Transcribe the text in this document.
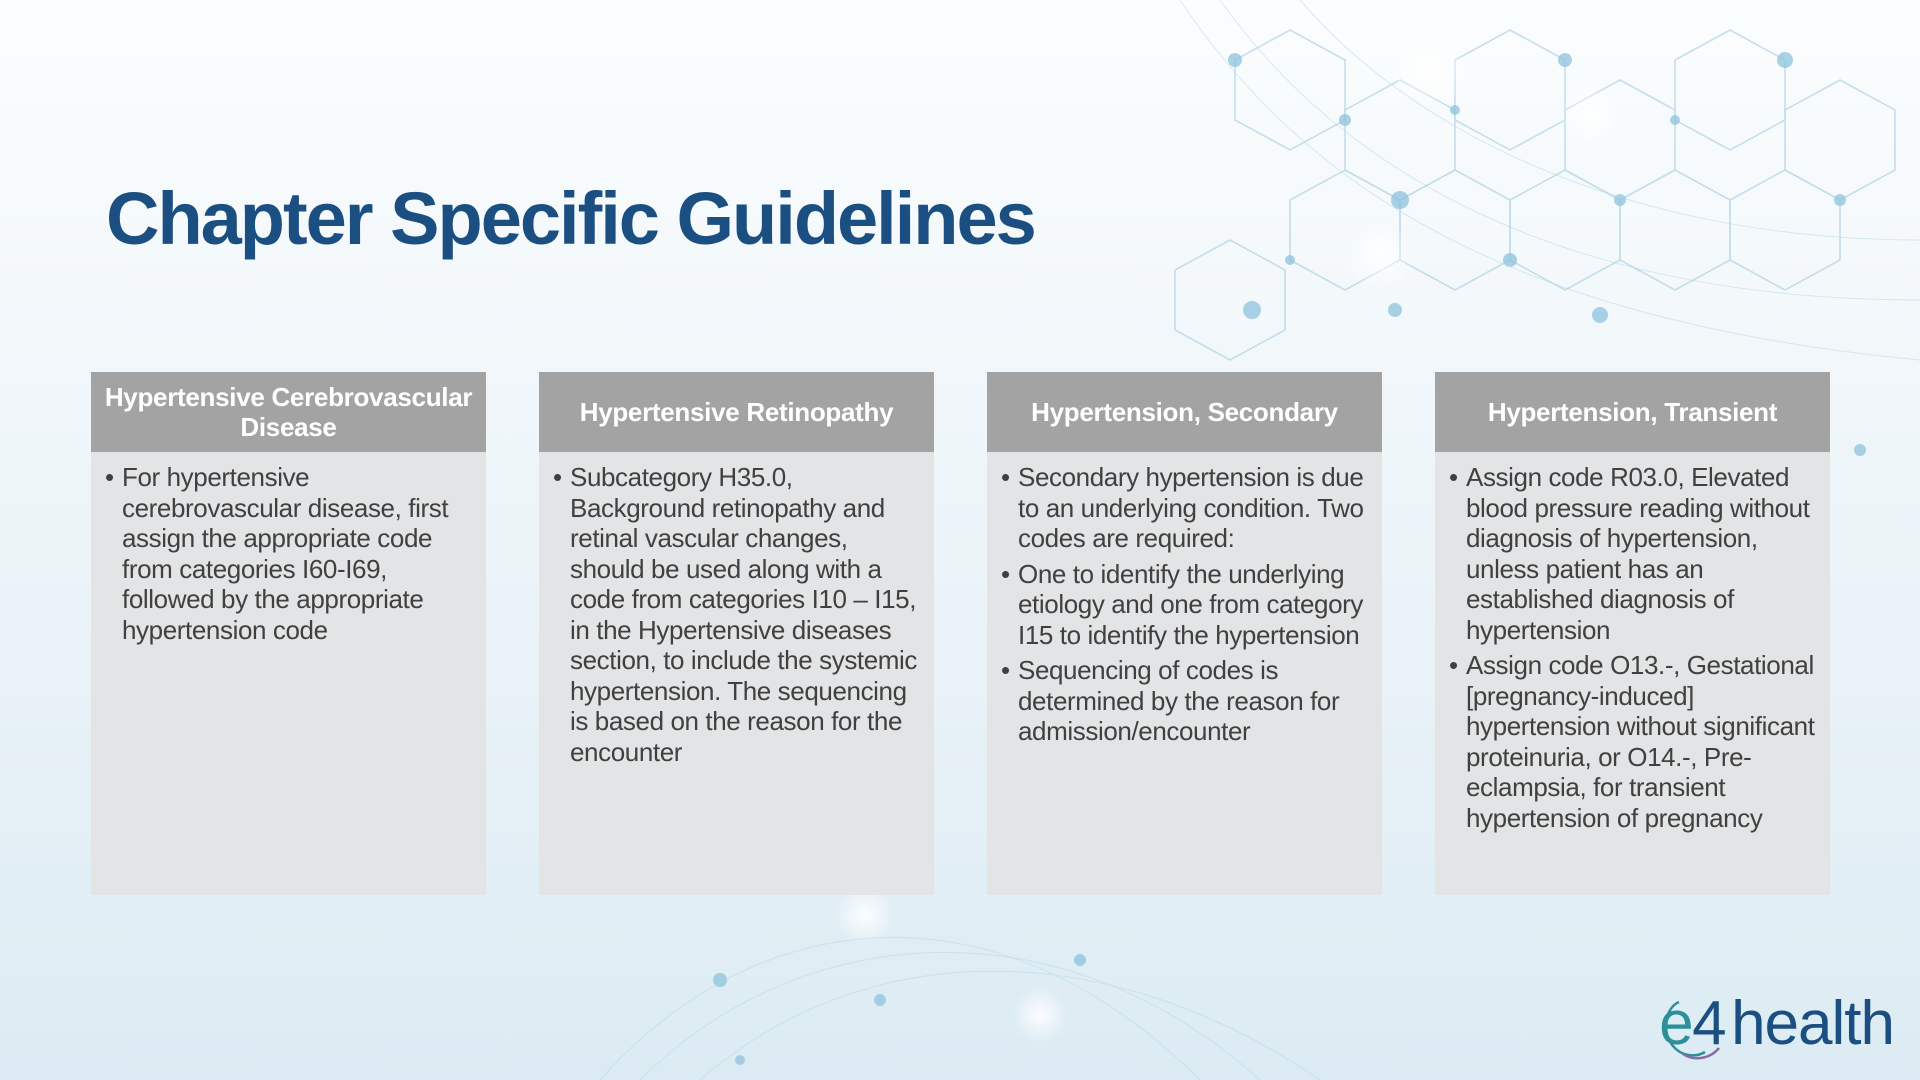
Chapter Specific Guidelines
Hypertensive Cerebrovascular Disease
• For hypertensive cerebrovascular disease, first assign the appropriate code from categories I60-I69, followed by the appropriate hypertension code
Hypertensive Retinopathy
• Subcategory H35.0, Background retinopathy and retinal vascular changes, should be used along with a code from categories I10 – I15, in the Hypertensive diseases section, to include the systemic hypertension. The sequencing is based on the reason for the encounter
Hypertension, Secondary
• Secondary hypertension is due to an underlying condition. Two codes are required:
• One to identify the underlying etiology and one from category I15 to identify the hypertension
• Sequencing of codes is determined by the reason for admission/encounter
Hypertension, Transient
• Assign code R03.0, Elevated blood pressure reading without diagnosis of hypertension, unless patient has an established diagnosis of hypertension
• Assign code O13.-, Gestational [pregnancy-induced] hypertension without significant proteinuria, or O14.-, Pre-eclampsia, for transient hypertension of pregnancy
e
4 health
